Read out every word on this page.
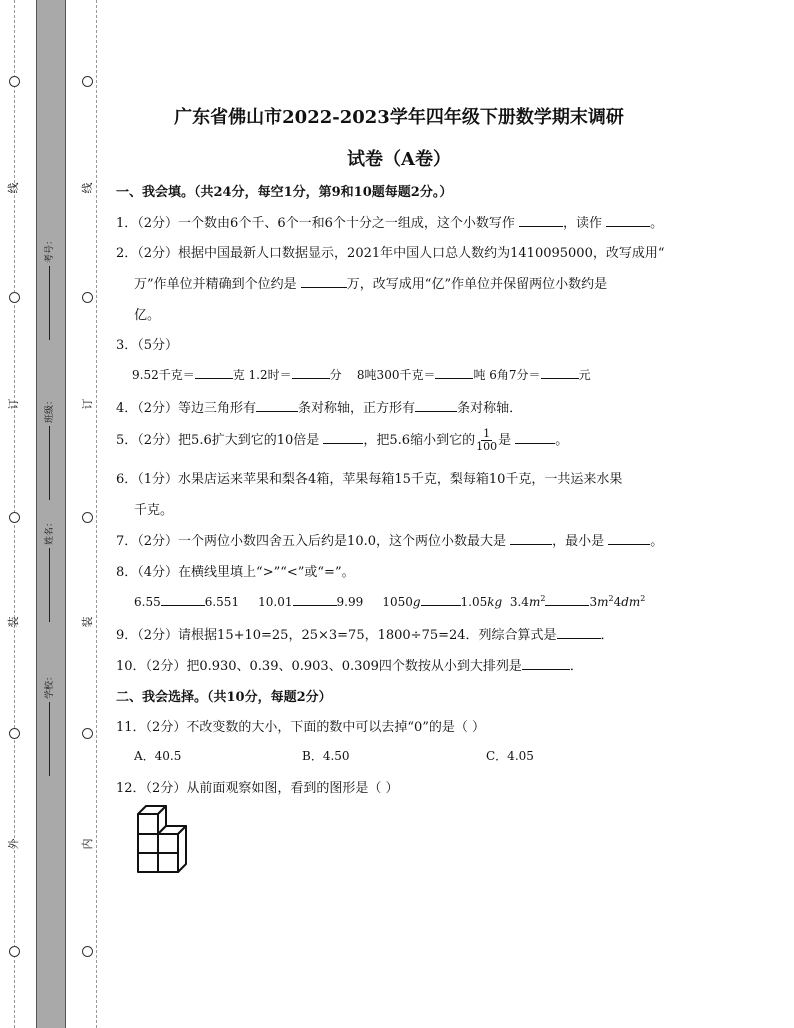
线
订
装
外
线
订
装
内
考号：
班级：
姓名：
学校：
广东省佛山市2022-2023学年四年级下册数学期末调研
试卷（A卷）
一、我会填。（共24分，每空1分，第9和10题每题2分。）
1．（2分）一个数由6个千、6个一和6个十分之一组成，这个小数写作	，读作	。
2．（2分）根据中国最新人口数据显示，2021年中国人口总人数约为1410095000，改写成用“
万”作单位并精确到个位约是	万，改写成用“亿”作单位并保留两位小数约是
亿。
3．（5分）
9.52千克＝	克 1.2时＝	分 8吨300千克＝	吨 6角7分＝	元
4．（2分）等边三角形有	条对称轴，正方形有	条对称轴．
5．（2分）把5.6扩大到它的10倍是	，把5.6缩小到它的 $\frac{1}{100}$ 是	。
6．（1分）水果店运来苹果和梨各4箱，苹果每箱15千克，梨每箱10千克，一共运来水果
千克。
7．（2分）一个两位小数四舍五入后约是10.0，这个两位小数最大是	，最小是	。
8．（4分）在横线里填上“>”“<”或“=”。
6.55	6.551 10.01	9.99 1050g	1.05kg $3.4m^2$	$3m^24dm^2$
9．（2分）请根据15+10=25，25×3=75，1800÷75=24．列综合算式是	．
10．（2分）把0.930、0.39、0.903、0.309四个数按从小到大排列是	．
二、我会选择。（共10分，每题2分）
11．（2分）不改变数的大小，下面的数中可以去掉“0”的是（ ）
A．40.5	B．4.50	C．4.05
12．（2分）从前面观察如图，看到的图形是（ ）
